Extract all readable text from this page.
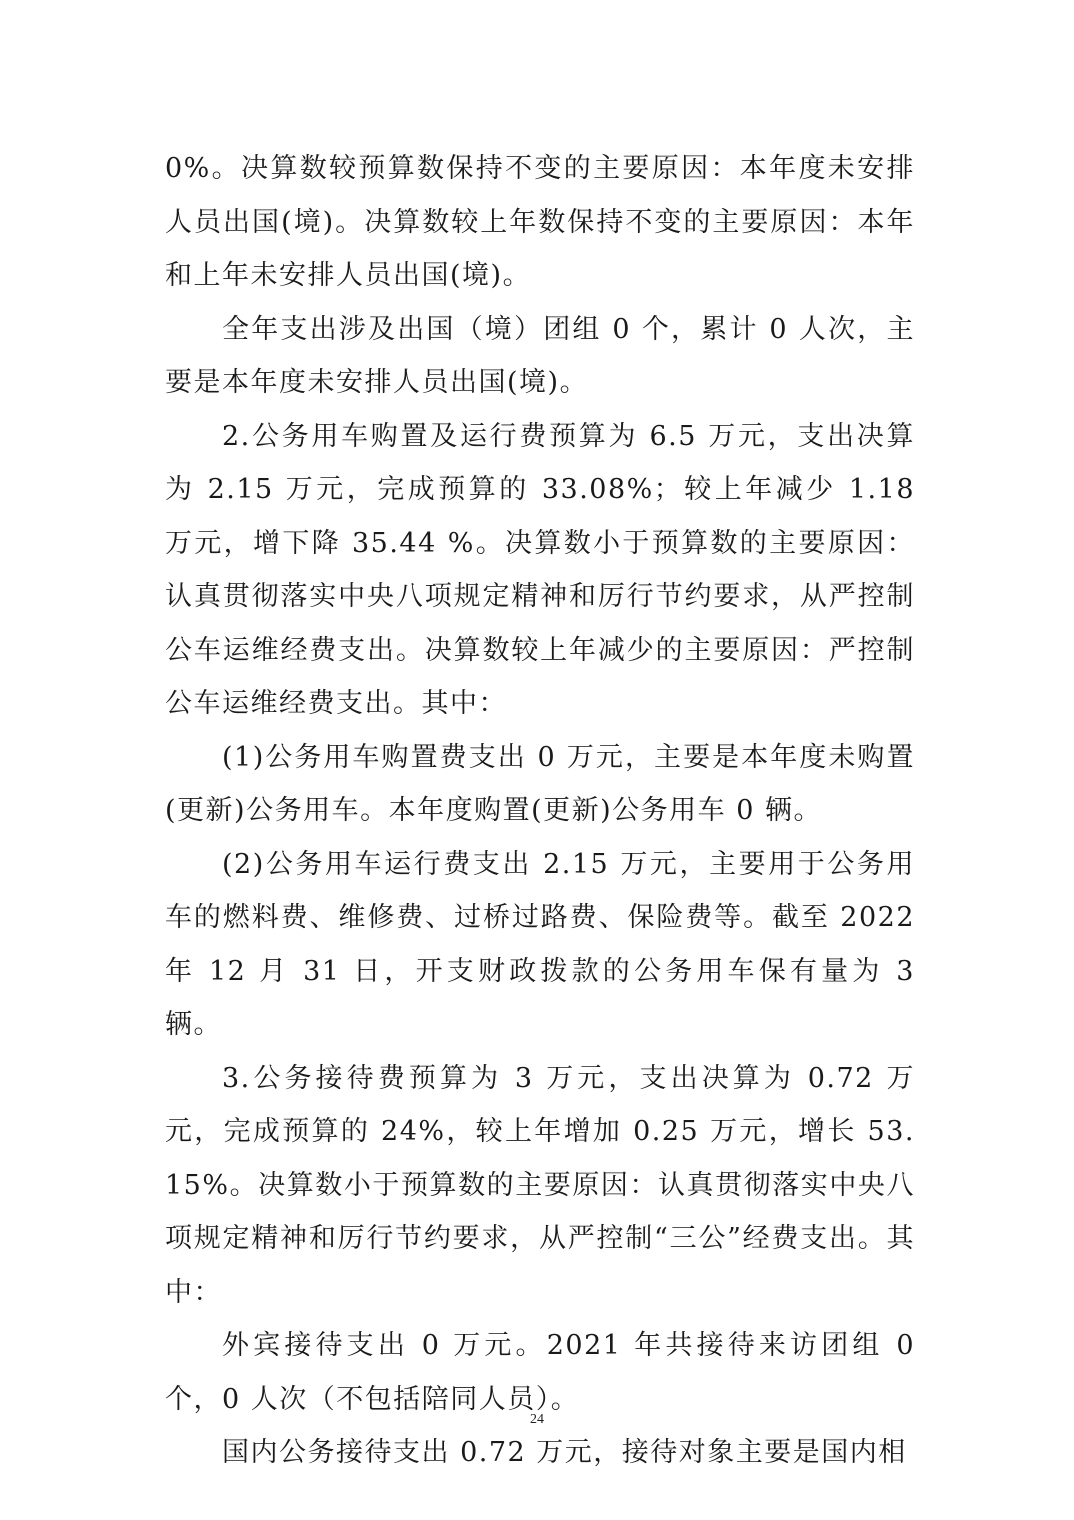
0%。决算数较预算数保持不变的主要原因：本年度未安排人员出国(境)。决算数较上年数保持不变的主要原因：本年和上年未安排人员出国(境)。

全年支出涉及出国（境）团组 0 个，累计 0 人次，主要是本年度未安排人员出国(境)。

2.公务用车购置及运行费预算为 6.5 万元，支出决算为 2.15 万元，完成预算的 33.08%；较上年减少 1.18 万元，增下降 35.44 %。决算数小于预算数的主要原因：认真贯彻落实中央八项规定精神和厉行节约要求，从严控制公车运维经费支出。决算数较上年减少的主要原因：严控制公车运维经费支出。其中：

(1)公务用车购置费支出 0 万元，主要是本年度未购置(更新)公务用车。本年度购置(更新)公务用车 0 辆。

(2)公务用车运行费支出 2.15 万元，主要用于公务用车的燃料费、维修费、过桥过路费、保险费等。截至 2022 年 12 月 31 日，开支财政拨款的公务用车保有量为 3 辆。

3.公务接待费预算为 3 万元，支出决算为 0.72 万元，完成预算的 24%，较上年增加 0.25 万元，增长 53.15%。决算数小于预算数的主要原因：认真贯彻落实中央八项规定精神和厉行节约要求，从严控制“三公”经费支出。其中：

外宾接待支出 0 万元。2021 年共接待来访团组 0 个，0 人次（不包括陪同人员）。

国内公务接待支出 0.72 万元，接待对象主要是国内相

24
